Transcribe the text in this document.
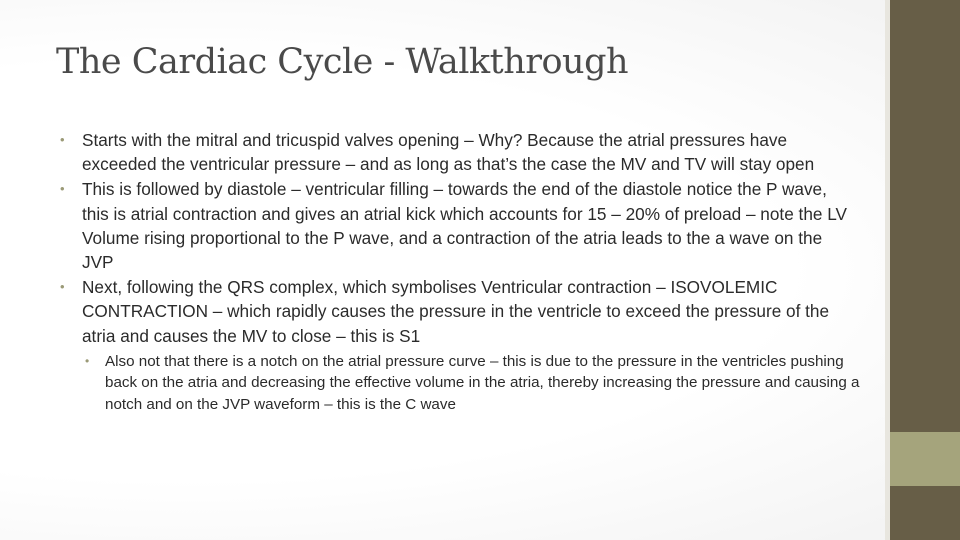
The Cardiac Cycle - Walkthrough
• Starts with the mitral and tricuspid valves opening – Why? Because the atrial pressures have exceeded the ventricular pressure – and as long as that’s the case the MV and TV will stay open
• This is followed by diastole – ventricular filling – towards the end of the diastole notice the P wave, this is atrial contraction and gives an atrial kick which accounts for 15 – 20% of preload – note the LV Volume rising proportional to the P wave, and a contraction of the atria leads to the a wave on the JVP
• Next, following the QRS complex, which symbolises Ventricular contraction – ISOVOLEMIC CONTRACTION – which rapidly causes the pressure in the ventricle to exceed the pressure of the atria and causes the MV to close – this is S1
• Also not that there is a notch on the atrial pressure curve – this is due to the pressure in the ventricles pushing back on the atria and decreasing the effective volume in the atria, thereby increasing the pressure and causing a notch and on the JVP waveform – this is the C wave
